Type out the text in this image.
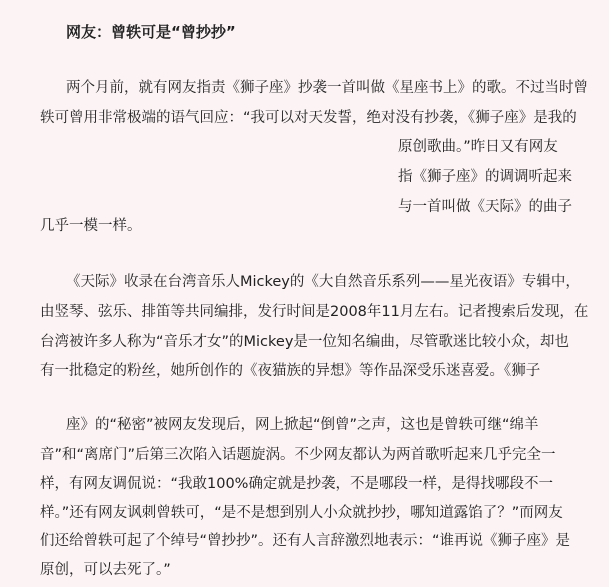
网友：曾轶可是“曾抄抄”
两个月前，就有网友指责《狮子座》抄袭一首叫做《星座书上》的歌。不过当时曾
轶可曾用非常极端的语气回应：“我可以对天发誓，绝对没有抄袭，《狮子座》是我的
原创歌曲。”昨日又有网友
指《狮子座》的调调听起来
与一首叫做《天际》的曲子
几乎一模一样。
《天际》收录在台湾音乐人Mickey的《大自然音乐系列——星光夜语》专辑中，
由竖琴、弦乐、排笛等共同编排，发行时间是2008年11月左右。记者搜索后发现，在
台湾被许多人称为“音乐才女”的Mickey是一位知名编曲，尽管歌迷比较小众，却也
有一批稳定的粉丝，她所创作的《夜猫族的异想》等作品深受乐迷喜爱。《狮子
座》的“秘密”被网友发现后，网上掀起“倒曾”之声，这也是曾轶可继“绵羊
音”和“离席门”后第三次陷入话题旋涡。不少网友都认为两首歌听起来几乎完全一
样，有网友调侃说：“我敢100%确定就是抄袭，不是哪段一样，是得找哪段不一
样。”还有网友讽刺曾轶可，“是不是想到别人小众就抄抄，哪知道露馅了？”而网友
们还给曾轶可起了个绰号“曾抄抄”。还有人言辞激烈地表示：“谁再说《狮子座》是
原创，可以去死了。”
